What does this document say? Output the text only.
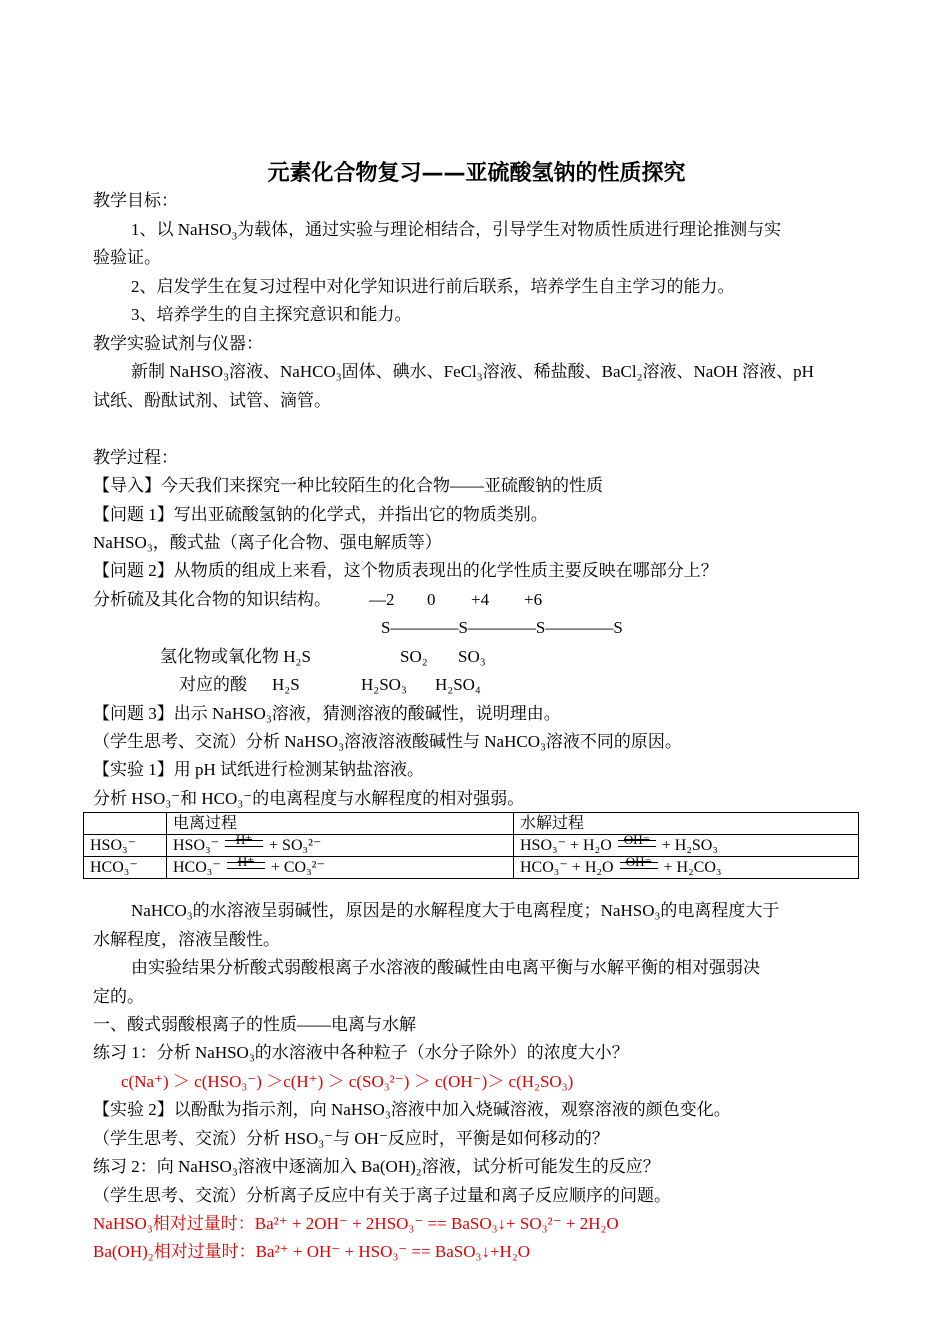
元素化合物复习——亚硫酸氢钠的性质探究
教学目标：
1、以 NaHSO$_3$为载体，通过实验与理论相结合，引导学生对物质性质进行理论推测与实
验验证。
2、启发学生在复习过程中对化学知识进行前后联系，培养学生自主学习的能力。
3、培养学生的自主探究意识和能力。
教学实验试剂与仪器：
新制 NaHSO₃溶液、NaHCO₃固体、碘水、FeCl₃溶液、稀盐酸、BaCl₂溶液、NaOH 溶液、pH
试纸、酚酞试剂、试管、滴管。
教学过程：
【导入】今天我们来探究一种比较陌生的化合物——亚硫酸钠的性质
【问题 1】写出亚硫酸氢钠的化学式，并指出它的物质类别。
NaHSO₃，酸式盐（离子化合物、强电解质等）
【问题 2】从物质的组成上来看，这个物质表现出的化学性质主要反映在哪部分上？
分析硫及其化合物的知识结构。 —2 0 +4 +6
S————S————S————S
氢化物或氧化物 H₂S	SO₂ SO₃
对应的酸 H₂S	H₂SO₃ H₂SO₄
【问题 3】出示 NaHSO₃溶液，猜测溶液的酸碱性，说明理由。
（学生思考、交流）分析 NaHSO₃溶液溶液酸碱性与 NaHCO₃溶液不同的原因。
【实验 1】用 pH 试纸进行检测某钠盐溶液。
分析 HSO₃⁻和 HCO₃⁻的电离程度与水解程度的相对强弱。
	电离过程	水解过程
HSO₃⁻	HSO₃⁻ H⁺ + SO₃²⁻	HSO₃⁻ + H₂O OH⁻ + H₂SO₃
HCO₃⁻	HCO₃⁻ H⁺ + CO₃²⁻	HCO₃⁻ + H₂O OH⁻ + H₂CO₃
NaHCO₃的水溶液呈弱碱性，原因是的水解程度大于电离程度；NaHSO₃的电离程度大于
水解程度，溶液呈酸性。
由实验结果分析酸式弱酸根离子水溶液的酸碱性由电离平衡与水解平衡的相对强弱决
定的。
一、酸式弱酸根离子的性质——电离与水解
练习 1：分析 NaHSO₃的水溶液中各种粒子（水分子除外）的浓度大小？
c(Na⁺) ＞ c(HSO₃⁻) ＞c(H⁺) ＞ c(SO₃²⁻) ＞ c(OH⁻)＞ c(H₂SO₃)
【实验 2】以酚酞为指示剂，向 NaHSO₃溶液中加入烧碱溶液，观察溶液的颜色变化。
（学生思考、交流）分析 HSO₃⁻与 OH⁻反应时，平衡是如何移动的？
练习 2：向 NaHSO₃溶液中逐滴加入 Ba(OH)₂溶液，试分析可能发生的反应？
（学生思考、交流）分析离子反应中有关于离子过量和离子反应顺序的问题。
NaHSO₃相对过量时：Ba²⁺ + 2OH⁻ + 2HSO₃⁻ == BaSO₃↓+ SO₃²⁻ + 2H₂O
Ba(OH)₂相对过量时：Ba²⁺ + OH⁻ + HSO₃⁻ == BaSO₃↓+H₂O
